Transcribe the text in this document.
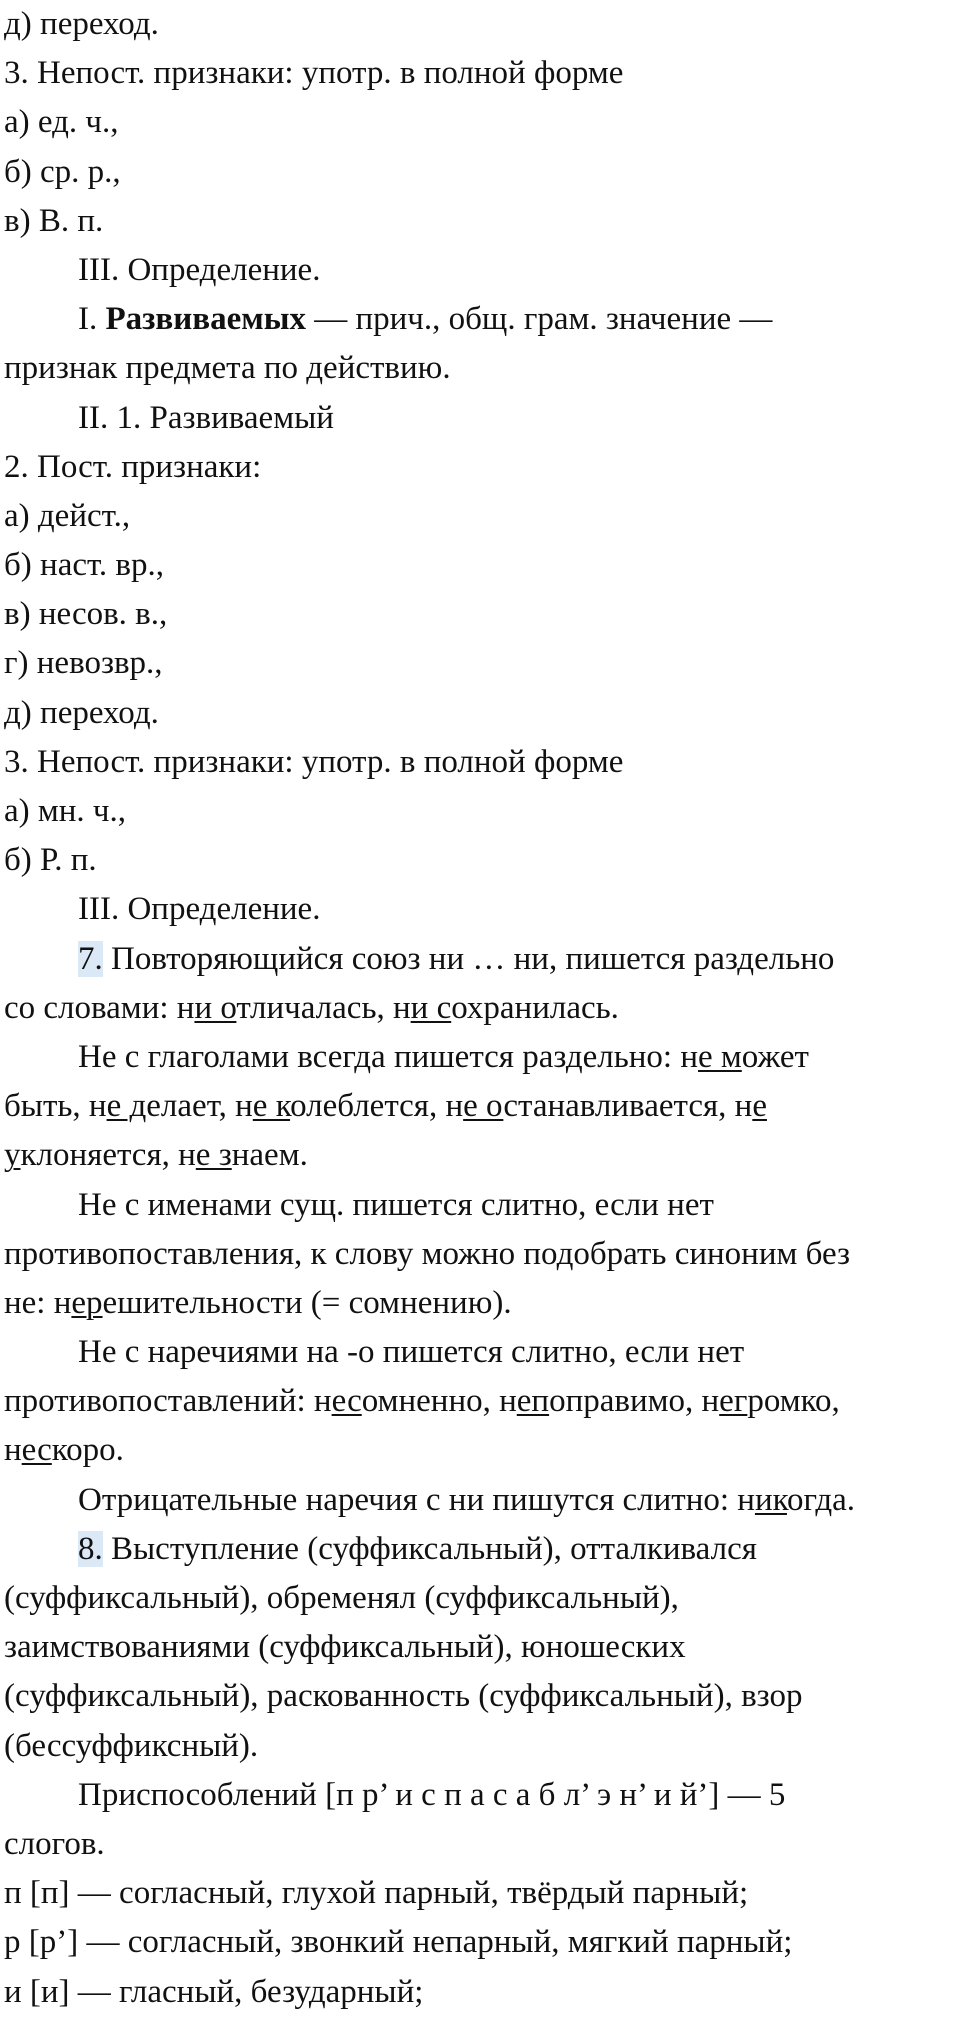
д) переход.
3. Непост. признаки: употр. в полной форме
а) ед. ч.,
б) ср. р.,
в) В. п.
III. Определение.
I. Развиваемых — прич., общ. грам. значение —
признак предмета по действию.
II. 1. Развиваемый
2. Пост. признаки:
а) дейст.,
б) наст. вр.,
в) несов. в.,
г) невозвр.,
д) переход.
3. Непост. признаки: употр. в полной форме
а) мн. ч.,
б) Р. п.
III. Определение.
7. Повторяющийся союз ни … ни, пишется раздельно
со словами: ни отличалась, ни сохранилась.
Не с глаголами всегда пишется раздельно: не может
быть, не делает, не колеблется, не останавливается, не
уклоняется, не знаем.
Не с именами сущ. пишется слитно, если нет
противопоставления, к слову можно подобрать синоним без
не: нерешительности (= сомнению).
Не с наречиями на -о пишется слитно, если нет
противопоставлений: несомненно, непоправимо, негромко,
нескоро.
Отрицательные наречия с ни пишутся слитно: никогда.
8. Выступление (суффиксальный), отталкивался
(суффиксальный), обременял (суффиксальный),
заимствованиями (суффиксальный), юношеских
(суффиксальный), раскованность (суффиксальный), взор
(бессуффиксный).
Приспособлений [п р’ и с п а с а б л’ э н’ и й’] — 5
слогов.
п [п] — согласный, глухой парный, твёрдый парный;
р [р’] — согласный, звонкий непарный, мягкий парный;
и [и] — гласный, безударный;
